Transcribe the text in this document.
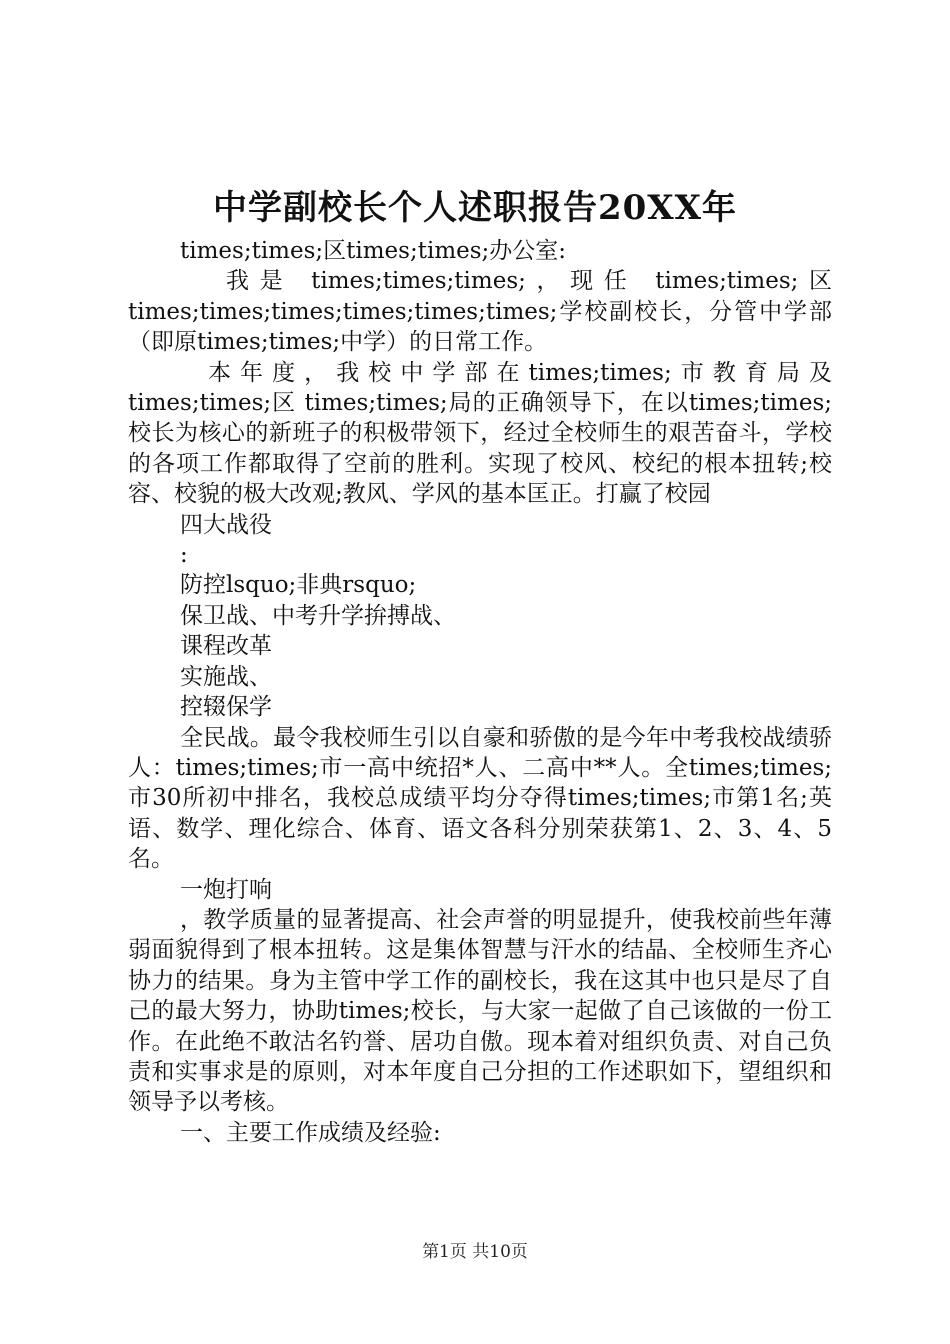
中学副校长个人述职报告20XX年

times;times;区times;times;办公室:

我是 times;times;times;，现任 times;times;区times;times;times;times;times;times;学校副校长，分管中学部（即原times;times;中学）的日常工作。

本年度，我校中学部在times;times;市教育局及times;times;区 times;times;局的正确领导下，在以times;times;校长为核心的新班子的积极带领下，经过全校师生的艰苦奋斗，学校的各项工作都取得了空前的胜利。实现了校风、校纪的根本扭转;校容、校貌的极大改观;教风、学风的基本匡正。打赢了校园

四大战役

:

防控lsquo;非典rsquo;

保卫战、中考升学拚搏战、

课程改革

实施战、

控辍保学

全民战。最令我校师生引以自豪和骄傲的是今年中考我校战绩骄人：times;times;市一高中统招*人、二高中**人。全times;times;市30所初中排名，我校总成绩平均分夺得times;times;市第1名;英语、数学、理化综合、体育、语文各科分别荣获第1、2、3、4、5名。

一炮打响

，教学质量的显著提高、社会声誉的明显提升，使我校前些年薄弱面貌得到了根本扭转。这是集体智慧与汗水的结晶、全校师生齐心协力的结果。身为主管中学工作的副校长，我在这其中也只是尽了自己的最大努力，协助times;校长，与大家一起做了自己该做的一份工作。在此绝不敢沽名钓誉、居功自傲。现本着对组织负责、对自己负责和实事求是的原则，对本年度自己分担的工作述职如下，望组织和领导予以考核。

一、主要工作成绩及经验:

第1页 共10页
